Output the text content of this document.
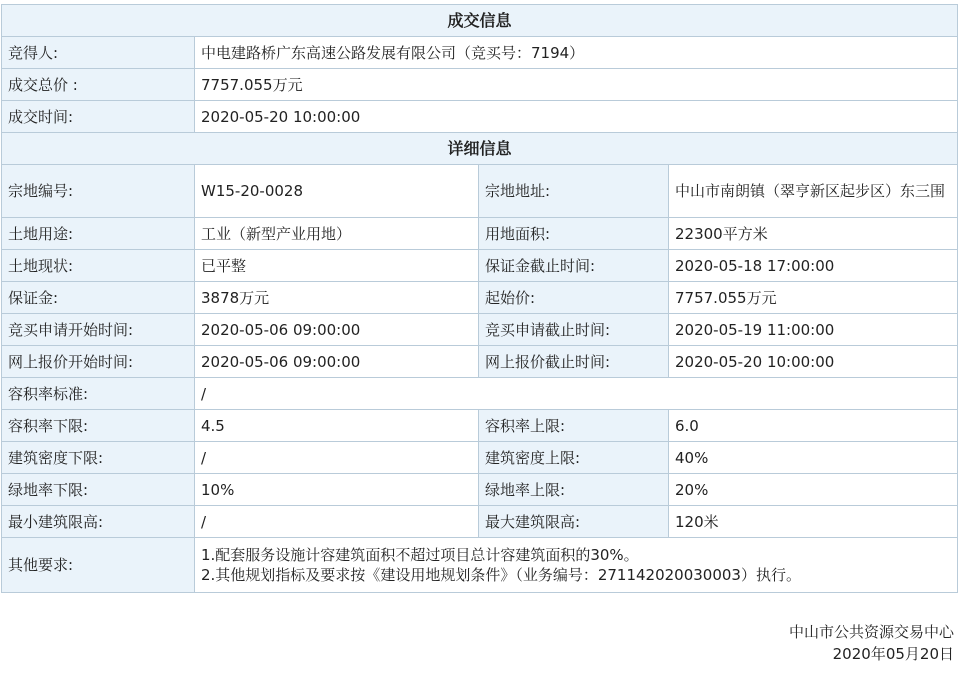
成交信息			
竞得人:	中电建路桥广东高速公路发展有限公司（竞买号：7194）		
成交总价 :	7757.055万元		
成交时间:	2020-05-20 10:00:00		
详细信息			
宗地编号:	W15-20-0028	宗地地址:	中山市南朗镇（翠亨新区起步区）东三围
土地用途:	工业（新型产业用地）	用地面积:	22300平方米
土地现状:	已平整	保证金截止时间:	2020-05-18 17:00:00
保证金:	3878万元	起始价:	7757.055万元
竞买申请开始时间:	2020-05-06 09:00:00	竞买申请截止时间:	2020-05-19 11:00:00
网上报价开始时间:	2020-05-06 09:00:00	网上报价截止时间:	2020-05-20 10:00:00
容积率标准:	/		
容积率下限:	4.5	容积率上限:	6.0
建筑密度下限:	/	建筑密度上限:	40%
绿地率下限:	10%	绿地率上限:	20%
最小建筑限高:	/	最大建筑限高:	120米
其他要求:	1.配套服务设施计容建筑面积不超过项目总计容建筑面积的30%。
2.其他规划指标及要求按《建设用地规划条件》（业务编号：271142020030003）执行。		
中山市公共资源交易中心
2020年05月20日
